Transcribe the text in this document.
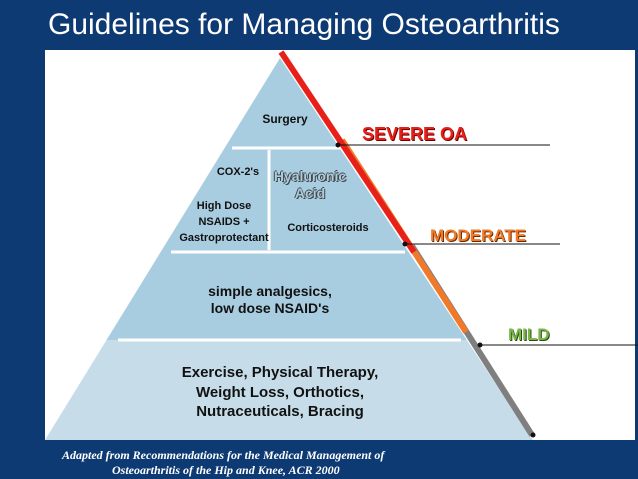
Guidelines for Managing Osteoarthritis
Surgery
COX-2's	Hyaluronic
Acid
High Dose
NSAIDS +
Gastroprotectant
Corticosteroids
simple analgesics,
low dose NSAID's
Exercise, Physical Therapy,
Weight Loss, Orthotics,
Nutraceuticals, Bracing
SEVERE OA
MODERATE
MILD
Adapted from Recommendations for the Medical Management of
Osteoarthritis of the Hip and Knee, ACR 2000
